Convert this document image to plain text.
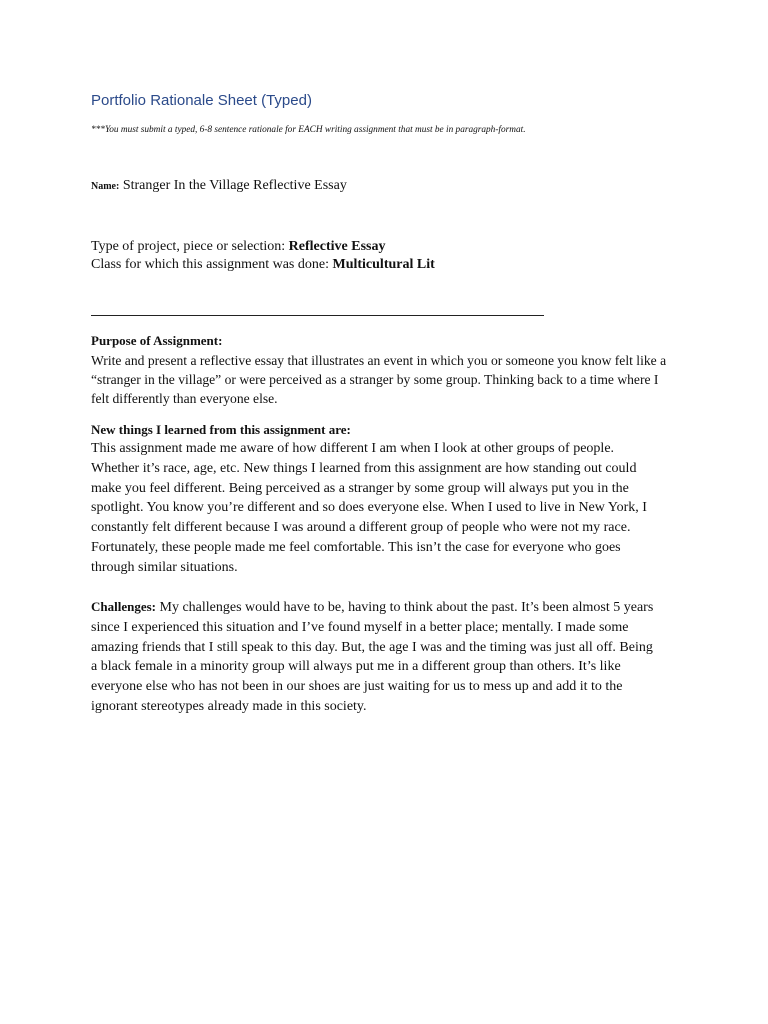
Portfolio Rationale Sheet (Typed)
***You must submit a typed, 6-8 sentence rationale for EACH writing assignment that must be in paragraph-format.
Name: Stranger In the Village Reflective Essay
Type of project, piece or selection: Reflective Essay
Class for which this assignment was done: Multicultural Lit
Purpose of Assignment:
Write and present a reflective essay that illustrates an event in which you or someone you know felt like a
“stranger in the village” or were perceived as a stranger by some group. Thinking back to a time where I
felt differently than everyone else.
New things I learned from this assignment are:
This assignment made me aware of how different I am when I look at other groups of people.
Whether it’s race, age, etc. New things I learned from this assignment are how standing out could
make you feel different. Being perceived as a stranger by some group will always put you in the
spotlight. You know you’re different and so does everyone else. When I used to live in New York, I
constantly felt different because I was around a different group of people who were not my race.
Fortunately, these people made me feel comfortable. This isn’t the case for everyone who goes
through similar situations.
Challenges: My challenges would have to be, having to think about the past. It’s been almost 5 years
since I experienced this situation and I’ve found myself in a better place; mentally. I made some
amazing friends that I still speak to this day. But, the age I was and the timing was just all off. Being
a black female in a minority group will always put me in a different group than others. It’s like
everyone else who has not been in our shoes are just waiting for us to mess up and add it to the
ignorant stereotypes already made in this society.
